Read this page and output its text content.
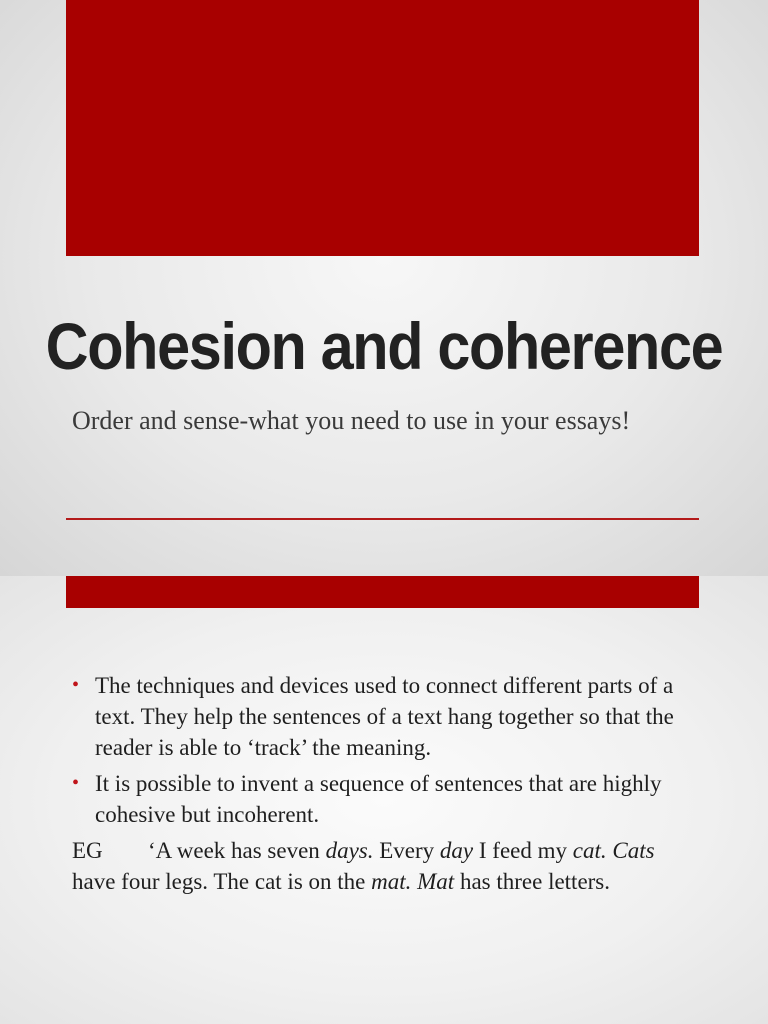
Cohesion and coherence
Order and sense-what you need to use in your essays!
• The techniques and devices used to connect different parts of a text. They help the sentences of a text hang together so that the reader is able to ‘track’ the meaning.
• It is possible to invent a sequence of sentences that are highly cohesive but incoherent.
EG ‘A week has seven days. Every day I feed my cat. Cats have four legs. The cat is on the mat. Mat has three letters.
